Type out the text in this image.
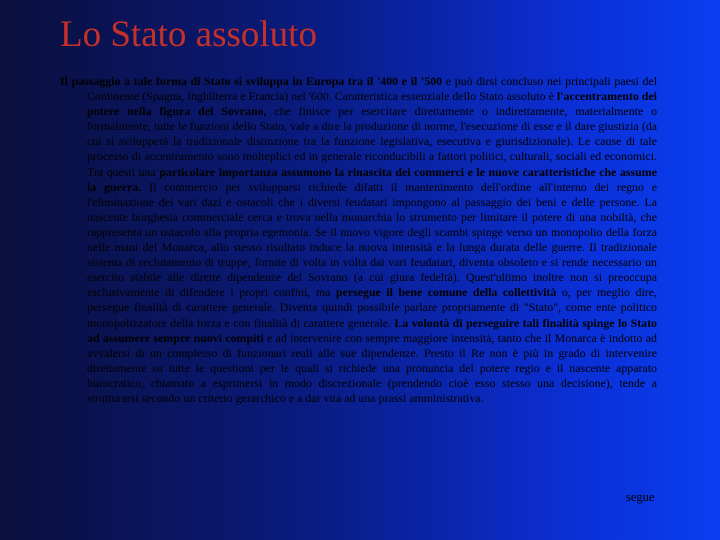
Lo Stato assoluto

Il passaggio a tale forma di Stato si sviluppa in Europa tra il '400 e il '500 e può dirsi concluso nei principali paesi del Continente (Spagna, Inghilterra e Francia) nel '600. Caratteristica essenziale dello Stato assoluto è l'accentramento dei potere nella figura del Sovrano, che finisce per esercitare direttamente o indirettamente, materialmente o formalmente, tutte le funzioni dello Stato, vale a dire la produzione di norme, l'esecuzione di esse e il dare giustizia (da cui si svilupperà la tradizionale distinzione tra la funzione legislativa, esecutiva e giurisdizionale). Le cause di tale processo di accentramento sono molteplici ed in generale riconducibili a fattori politici, culturali, sociali ed economici. Tra questi una particolare importanza assumono la rinascita dei commerci e le nuove caratteristiche che assume la guerra. Il commercio per svilupparsi richiede difatti il mantenimento dell'ordine all'interno dei regno e l'eliminazione dei vari dazi e ostacoli che i diversi feudatari impongono al passaggio dei beni e delle persone. La nascente borghesia commerciale cerca e trova nella monarchia lo strumento per limitare il potere di una nobiltà, che rappresenta un ostacolo alla propria egemonia. Se il nuovo vigore degli scambi spinge verso un monopolio della forza nelle mani del Monarca, allo stesso risultato induce la nuova intensità e la lunga durata delle guerre. Il tradizionale sistema di reclutamento di truppe, fornite di volta in volta dai vari feudatari, diventa obsoleto e si rende necessario un esercito stabile alle dirette dipendenze del Sovrano (a cui giura fedeltà). Quest'ultimo inoltre non si preoccupa esclusivamente di difendere i propri confini, ma persegue il bene comune della collettività o, per meglio dire, persegue finalità di carattere generale. Diventa quindi possibile parlare propriamente di "Stato", come ente politico monopolizzatore della forza e con finalità di carattere generale. La volontà di perseguire tali finalità spinge lo Stato ad assumere sempre nuovi compiti e ad intervenire con sempre maggiore intensità, tanto che il Monarca è indotto ad avvalersi di un complesso di funzionari reali alle sue dipendenze. Presto il Re non è più in grado di intervenire direttamente su tutte le questioni per le quali si richiede una pronuncia del potere regio e il nascente apparato burocratico, chiamato a esprimersi in modo discrezionale (prendendo cioè esso stesso una decisione), tende a strutturarsi secondo un criterio gerarchico e a dar vita ad una prassi amministrativa.

segue
